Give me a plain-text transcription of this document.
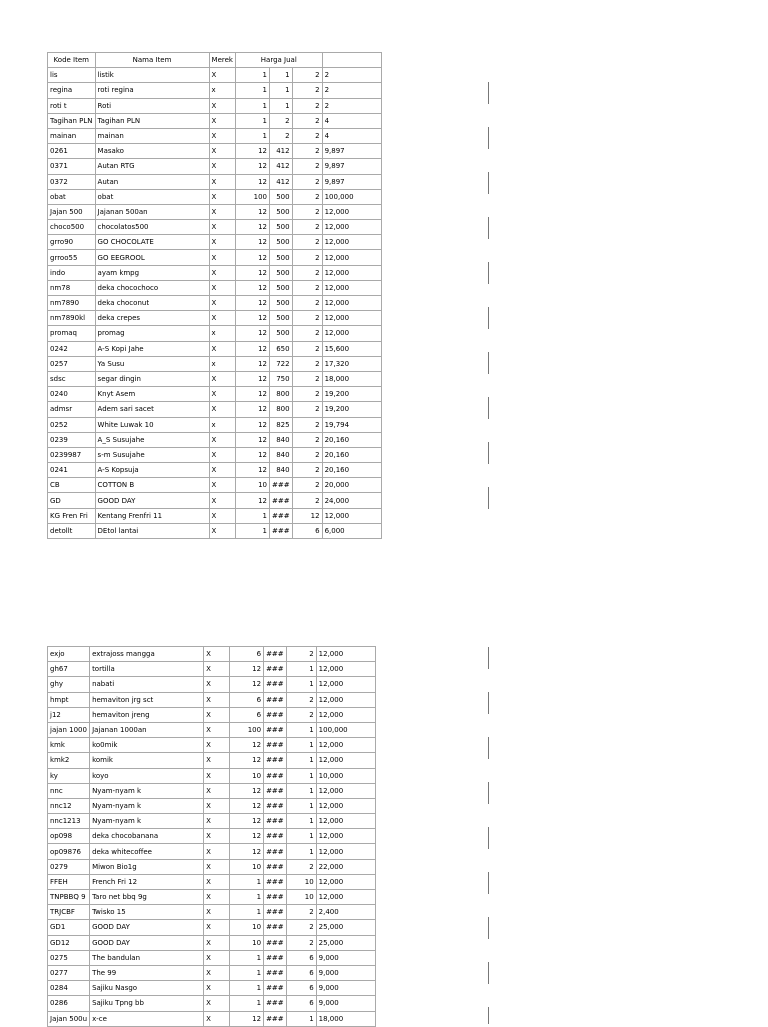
Kode Item	Nama Item	Merek	Harga Jual			
lis	listik	X	1	1	2	2
regina	roti regina	x	1	1	2	2
roti t	Roti	X	1	1	2	2
Tagihan PLN	Tagihan PLN	X	1	2	2	4
mainan	mainan	X	1	2	2	4
0261	Masako	X	12	412	2	9,897
0371	Autan RTG	X	12	412	2	9,897
0372	Autan	X	12	412	2	9,897
obat	obat	X	100	500	2	100,000
Jajan 500	Jajanan 500an	X	12	500	2	12,000
choco500	chocolatos500	X	12	500	2	12,000
grro90	GO CHOCOLATE	X	12	500	2	12,000
grroo55	GO EEGROOL	X	12	500	2	12,000
indo	ayam kmpg	X	12	500	2	12,000
nm78	deka chocochoco	X	12	500	2	12,000
nm7890	deka choconut	X	12	500	2	12,000
nm7890kl	deka crepes	X	12	500	2	12,000
promaq	promag	x	12	500	2	12,000
0242	A-S Kopi Jahe	X	12	650	2	15,600
0257	Ya Susu	x	12	722	2	17,320
sdsc	segar dingin	X	12	750	2	18,000
0240	Knyt Asem	X	12	800	2	19,200
admsr	Adem sari sacet	X	12	800	2	19,200
0252	White Luwak 10	x	12	825	2	19,794
0239	A_S Susujahe	X	12	840	2	20,160
0239987	s-m Susujahe	X	12	840	2	20,160
0241	A-S Kopsuja	X	12	840	2	20,160
CB	COTTON B	X	10	###	2	20,000
GD	GOOD DAY	X	12	###	2	24,000
KG Fren Fri	Kentang Frenfri 11	X	1	###	12	12,000
detollt	DEtol lantai	X	1	###	6	6,000
exjo	extrajoss mangga	X	6	###	2	12,000
gh67	tortilla	X	12	###	1	12,000
ghy	nabati	X	12	###	1	12,000
hmpt	hemaviton jrg sct	X	6	###	2	12,000
j12	hemaviton jreng	X	6	###	2	12,000
jajan 1000	Jajanan 1000an	X	100	###	1	100,000
kmk	ko0mik	X	12	###	1	12,000
kmk2	komik	X	12	###	1	12,000
ky	koyo	X	10	###	1	10,000
nnc	Nyam-nyam k	X	12	###	1	12,000
nnc12	Nyam-nyam k	X	12	###	1	12,000
nnc1213	Nyam-nyam k	X	12	###	1	12,000
op098	deka chocobanana	X	12	###	1	12,000
op09876	deka whitecoffee	X	12	###	1	12,000
0279	Miwon Bio1g	X	10	###	2	22,000
FFEH	French Fri 12	X	1	###	10	12,000
TNPBBQ 9	Taro net bbq 9g	X	1	###	10	12,000
TRJCBF	Twisko 15	X	1	###	2	2,400
GD1	GOOD DAY	X	10	###	2	25,000
GD12	GOOD DAY	X	10	###	2	25,000
0275	The bandulan	X	1	###	6	9,000
0277	The 99	X	1	###	6	9,000
0284	Sajiku Nasgo	X	1	###	6	9,000
0286	Sajiku Tpng bb	X	1	###	6	9,000
Jajan 500u	x-ce	X	12	###	1	18,000
